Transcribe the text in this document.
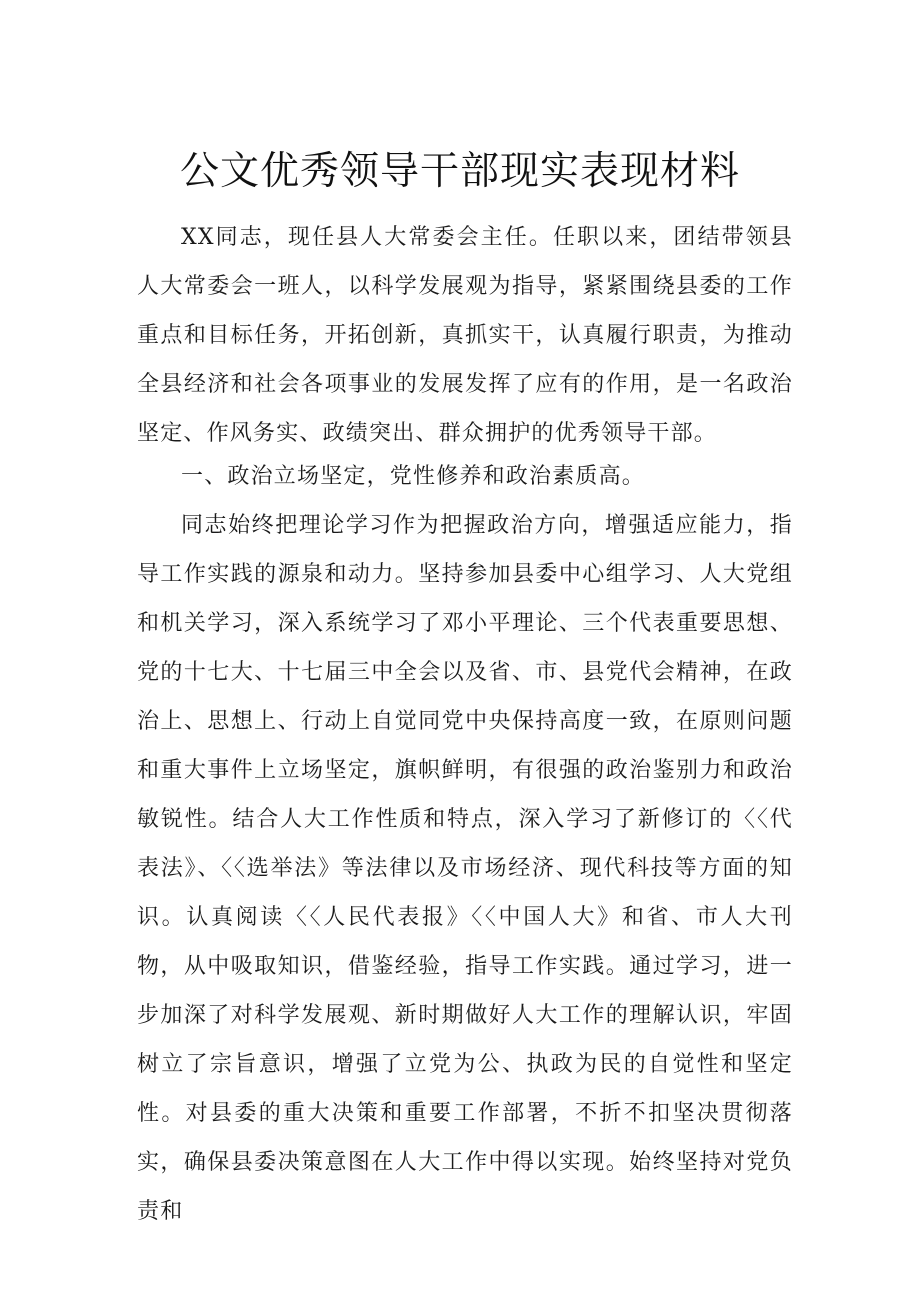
公文优秀领导干部现实表现材料

XX同志，现任县人大常委会主任。任职以来，团结带领县人大常委会一班人，以科学发展观为指导，紧紧围绕县委的工作重点和目标任务，开拓创新，真抓实干，认真履行职责，为推动全县经济和社会各项事业的发展发挥了应有的作用，是一名政治坚定、作风务实、政绩突出、群众拥护的优秀领导干部。

一、政治立场坚定，党性修养和政治素质高。

同志始终把理论学习作为把握政治方向，增强适应能力，指导工作实践的源泉和动力。坚持参加县委中心组学习、人大党组和机关学习，深入系统学习了邓小平理论、三个代表重要思想、党的十七大、十七届三中全会以及省、市、县党代会精神，在政治上、思想上、行动上自觉同党中央保持高度一致，在原则问题和重大事件上立场坚定，旗帜鲜明，有很强的政治鉴别力和政治敏锐性。结合人大工作性质和特点，深入学习了新修订的〈〈代表法》、〈〈选举法》等法律以及市场经济、现代科技等方面的知识。认真阅读〈〈人民代表报》〈〈中国人大》和省、市人大刊物，从中吸取知识，借鉴经验，指导工作实践。通过学习，进一步加深了对科学发展观、新时期做好人大工作的理解认识，牢固树立了宗旨意识，增强了立党为公、执政为民的自觉性和坚定性。对县委的重大决策和重要工作部署，不折不扣坚决贯彻落实，确保县委决策意图在人大工作中得以实现。始终坚持对党负责和
